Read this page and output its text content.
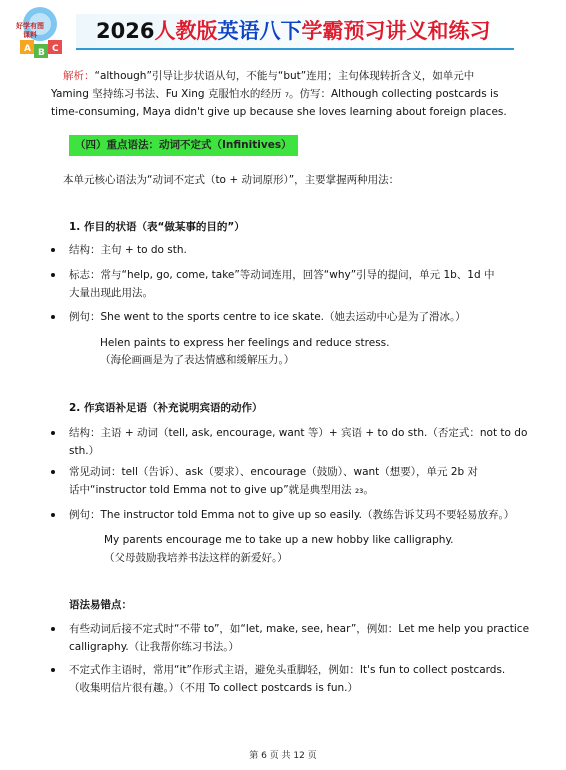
A B C
好学有图
课料	2026人教版英语八下学霸预习讲义和练习
解析：“although”引导让步状语从句，不能与“but”连用；主句体现转折含义，如单元中
Yaming 坚持练习书法、Fu Xing 克服怕水的经历 ₇。仿写：Although collecting postcards is
time-consuming, Maya didn't give up because she loves learning about foreign places.
（四）重点语法：动词不定式（Infinitives）
本单元核心语法为“动词不定式（to + 动词原形）”，主要掌握两种用法：
1. 作目的状语（表“做某事的目的”）
结构：主句 + to do sth.
标志：常与“help, go, come, take”等动词连用，回答“why”引导的提问，单元 1b、1d 中
大量出现此用法。
例句：She went to the sports centre to ice skate.（她去运动中心是为了滑冰。）
Helen paints to express her feelings and reduce stress.
（海伦画画是为了表达情感和缓解压力。）
2. 作宾语补足语（补充说明宾语的动作）
结构：主语 + 动词（tell, ask, encourage, want 等）+ 宾语 + to do sth.（否定式：not to do
sth.）
常见动词：tell（告诉）、ask（要求）、encourage（鼓励）、want（想要），单元 2b 对
话中“instructor told Emma not to give up”就是典型用法 ₂₃。
例句：The instructor told Emma not to give up so easily.（教练告诉艾玛不要轻易放弃。）
My parents encourage me to take up a new hobby like calligraphy.
（父母鼓励我培养书法这样的新爱好。）
语法易错点：
有些动词后接不定式时“不带 to”，如“let, make, see, hear”，例如：Let me help you practice
calligraphy.（让我帮你练习书法。）
不定式作主语时，常用“it”作形式主语，避免头重脚轻，例如：It's fun to collect postcards.
（收集明信片很有趣。）（不用 To collect postcards is fun.）
第 6 页 共 12 页
